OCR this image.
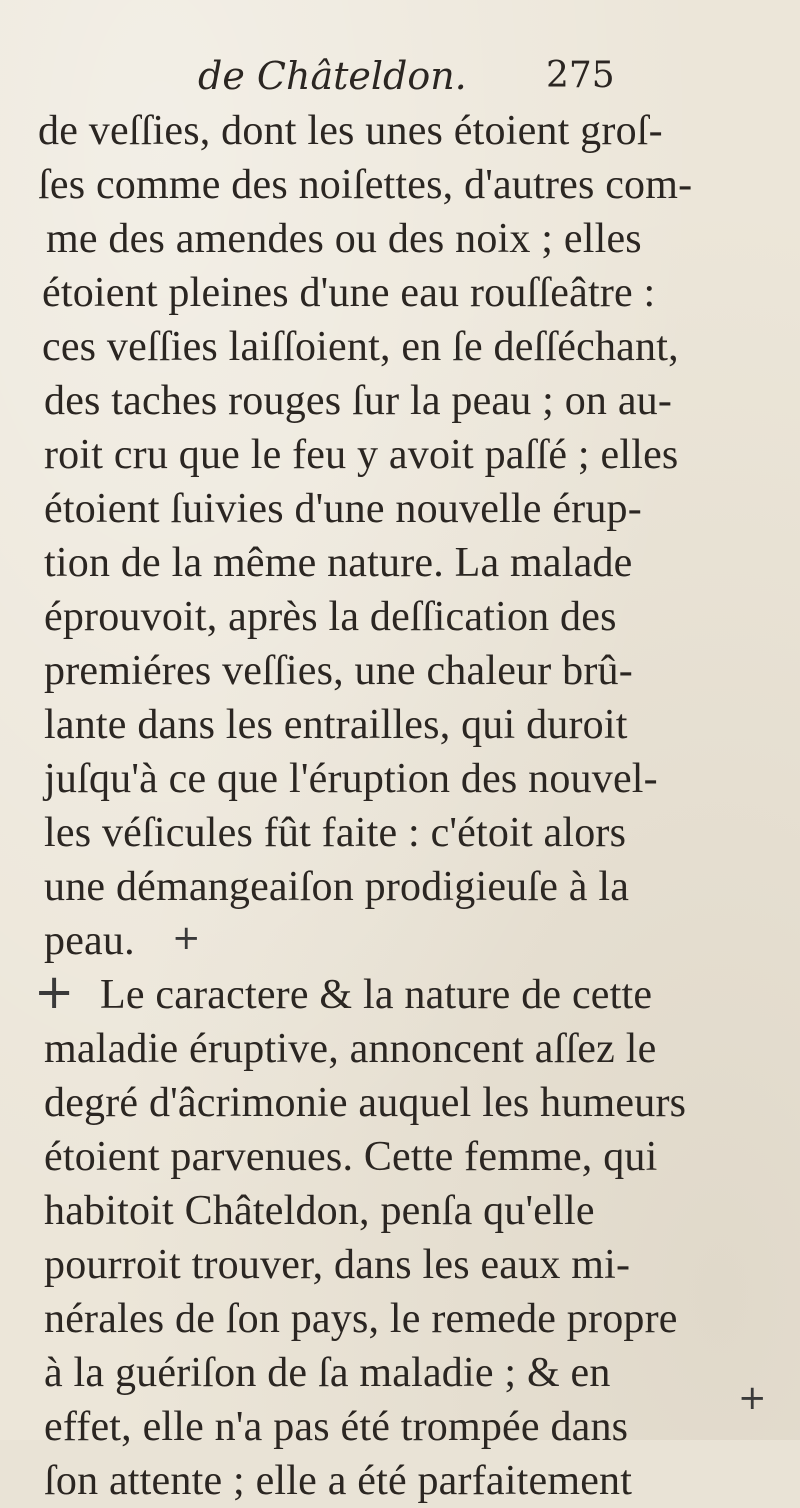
de Châteldon. 275
de veſſies, dont les unes étoient groſ-
ſes comme des noiſettes, d'autres com-
me des amendes ou des noix ; elles
étoient pleines d'une eau rouſſeâtre :
ces veſſies laiſſoient, en ſe deſſéchant,
des taches rouges ſur la peau ; on au-
roit cru que le feu y avoit paſſé ; elles
étoient ſuivies d'une nouvelle érup-
tion de la même nature. La malade
éprouvoit, après la deſſication des
premiéres veſſies, une chaleur brû-
lante dans les entrailles, qui duroit
juſqu'à ce que l'éruption des nouvel-
les véſicules fût faite : c'étoit alors
une démangeaiſon prodigieuſe à la
peau.
Le caractere & la nature de cette
maladie éruptive, annoncent aſſez le
degré d'âcrimonie auquel les humeurs
étoient parvenues. Cette femme, qui
habitoit Châteldon, penſa qu'elle
pourroit trouver, dans les eaux mi-
nérales de ſon pays, le remede propre
à la guériſon de ſa maladie ; & en
effet, elle n'a pas été trompée dans
ſon attente ; elle a été parfaitement
+
+
+
